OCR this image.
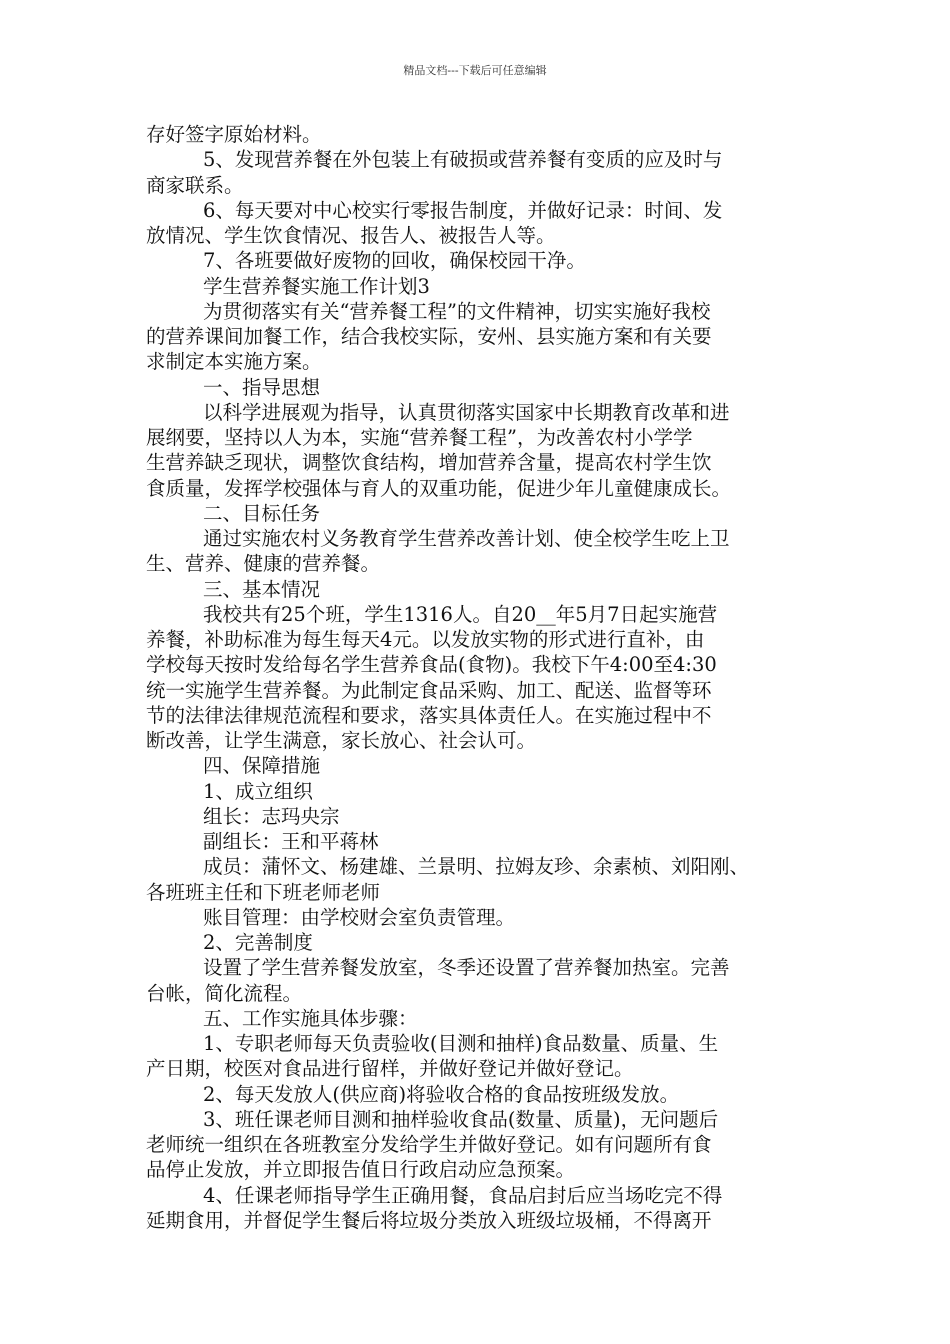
精品文档---下载后可任意编辑
存好签字原始材料。
5、发现营养餐在外包装上有破损或营养餐有变质的应及时与
商家联系。
6、每天要对中心校实行零报告制度，并做好记录：时间、发
放情况、学生饮食情况、报告人、被报告人等。
7、各班要做好废物的回收，确保校园干净。
学生营养餐实施工作计划3
为贯彻落实有关“营养餐工程”的文件精神，切实实施好我校
的营养课间加餐工作，结合我校实际，安州、县实施方案和有关要
求制定本实施方案。
一、指导思想
以科学进展观为指导，认真贯彻落实国家中长期教育改革和进
展纲要，坚持以人为本，实施“营养餐工程”，为改善农村小学学
生营养缺乏现状，调整饮食结构，增加营养含量，提高农村学生饮
食质量，发挥学校强体与育人的双重功能，促进少年儿童健康成长。
二、目标任务
通过实施农村义务教育学生营养改善计划、使全校学生吃上卫
生、营养、健康的营养餐。
三、基本情况
我校共有25个班，学生1316人。自20__年5月7日起实施营
养餐，补助标准为每生每天4元。以发放实物的形式进行直补，由
学校每天按时发给每名学生营养食品(食物)。我校下午4:00至4:30
统一实施学生营养餐。为此制定食品采购、加工、配送、监督等环
节的法律法律规范流程和要求，落实具体责任人。在实施过程中不
断改善，让学生满意，家长放心、社会认可。
四、保障措施
1、成立组织
组长：志玛央宗
副组长：王和平蒋林
成员：蒲怀文、杨建雄、兰景明、拉姆友珍、余素桢、刘阳刚、
各班班主任和下班老师老师
账目管理：由学校财会室负责管理。
2、完善制度
设置了学生营养餐发放室，冬季还设置了营养餐加热室。完善
台帐，简化流程。
五、工作实施具体步骤：
1、专职老师每天负责验收(目测和抽样)食品数量、质量、生
产日期，校医对食品进行留样，并做好登记并做好登记。
2、每天发放人(供应商)将验收合格的食品按班级发放。
3、班任课老师目测和抽样验收食品(数量、质量)，无问题后
老师统一组织在各班教室分发给学生并做好登记。如有问题所有食
品停止发放，并立即报告值日行政启动应急预案。
4、任课老师指导学生正确用餐，食品启封后应当场吃完不得
延期食用，并督促学生餐后将垃圾分类放入班级垃圾桶，不得离开
